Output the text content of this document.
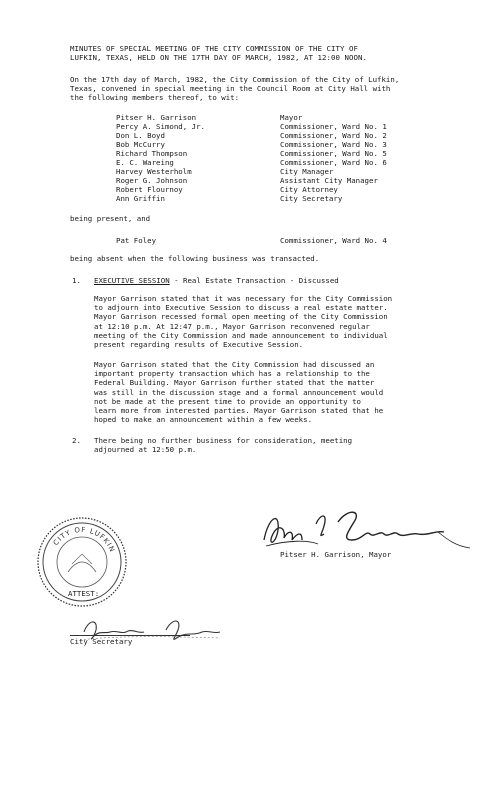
MINUTES OF SPECIAL MEETING OF THE CITY COMMISSION OF THE CITY OF
LUFKIN, TEXAS, HELD ON THE 17TH DAY OF MARCH, 1982, AT 12:00 NOON.
On the 17th day of March, 1982, the City Commission of the City of Lufkin,
Texas, convened in special meeting in the Council Room at City Hall with
the following members thereof, to wit:
Pitser H. Garrison	Mayor
Percy A. Simond, Jr.	Commissioner, Ward No. 1
Don L. Boyd	Commissioner, Ward No. 2
Bob McCurry	Commissioner, Ward No. 3
Richard Thompson	Commissioner, Ward No. 5
E. C. Wareing	Commissioner, Ward No. 6
Harvey Westerholm	City Manager
Roger G. Johnson	Assistant City Manager
Robert Flournoy	City Attorney
Ann Griffin	City Secretary
being present, and
Pat Foley	Commissioner, Ward No. 4
being absent when the following business was transacted.
1. EXECUTIVE SESSION - Real Estate Transaction - Discussed
Mayor Garrison stated that it was necessary for the City Commission
to adjourn into Executive Session to discuss a real estate matter.
Mayor Garrison recessed formal open meeting of the City Commission
at 12:10 p.m. At 12:47 p.m., Mayor Garrison reconvened regular
meeting of the City Commission and made announcement to individual
present regarding results of Executive Session.
Mayor Garrison stated that the City Commission had discussed an
important property transaction which has a relationship to the
Federal Building. Mayor Garrison further stated that the matter
was still in the discussion stage and a formal announcement would
not be made at the present time to provide an opportunity to
learn more from interested parties. Mayor Garrison stated that he
hoped to make an announcement within a few weeks.
2. There being no further business for consideration, meeting
adjourned at 12:50 p.m.
CITY OF LUFKIN
Pitser H. Garrison, Mayor
ATTEST:
City Secretary
